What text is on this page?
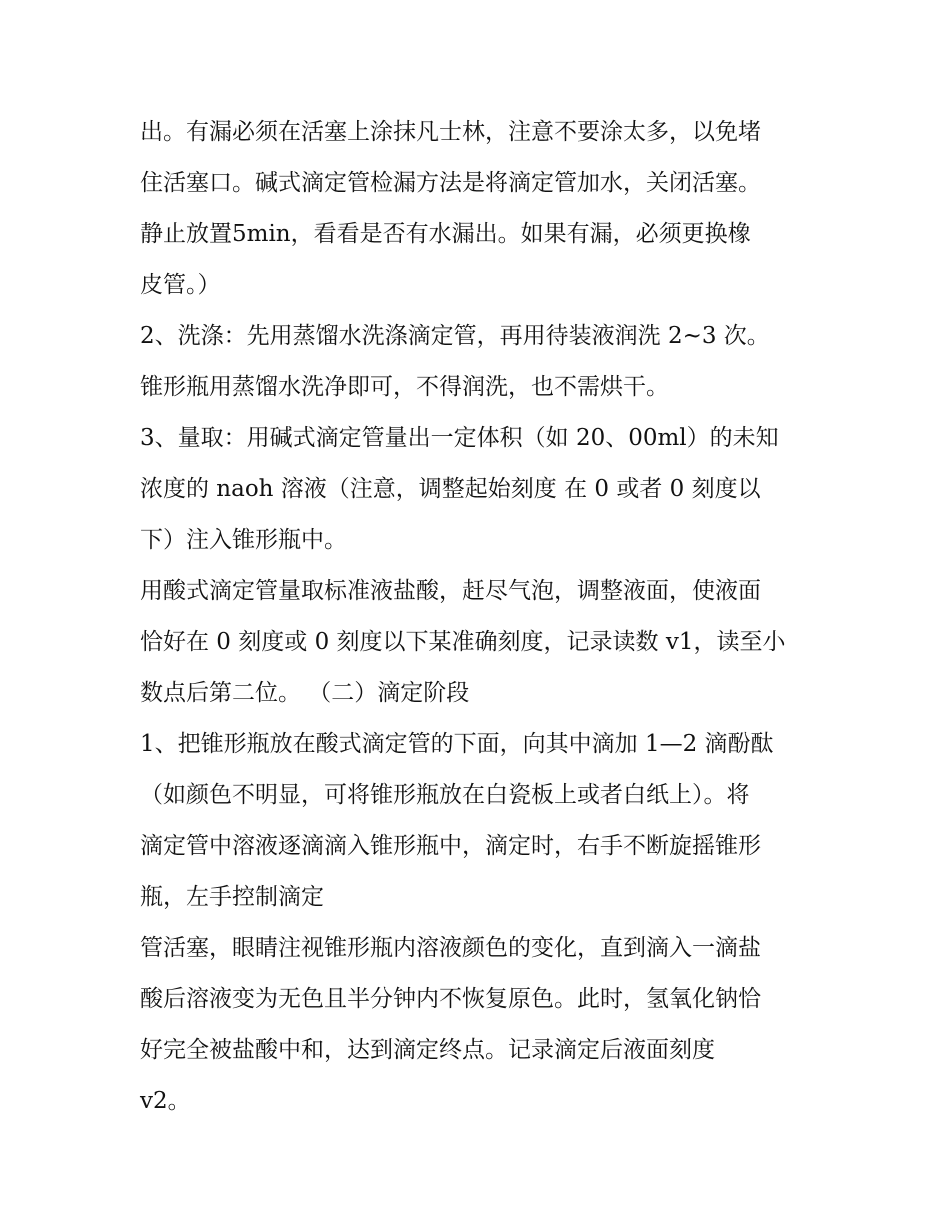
出。有漏必须在活塞上涂抹凡士林，注意不要涂太多，以免堵
住活塞口。碱式滴定管检漏方法是将滴定管加水，关闭活塞。
静止放置5min，看看是否有水漏出。如果有漏，必须更换橡
皮管。）
2、洗涤：先用蒸馏水洗涤滴定管，再用待装液润洗 2~3 次。
锥形瓶用蒸馏水洗净即可，不得润洗，也不需烘干。
3、量取：用碱式滴定管量出一定体积（如 20、00ml）的未知
浓度的 naoh 溶液（注意，调整起始刻度 在 0 或者 0 刻度以
下）注入锥形瓶中。
用酸式滴定管量取标准液盐酸，赶尽气泡，调整液面，使液面
恰好在 0 刻度或 0 刻度以下某准确刻度，记录读数 v1，读至小
数点后第二位。 （二）滴定阶段
1、把锥形瓶放在酸式滴定管的下面，向其中滴加 1—2 滴酚酞
（如颜色不明显，可将锥形瓶放在白瓷板上或者白纸上）。将
滴定管中溶液逐滴滴入锥形瓶中，滴定时，右手不断旋摇锥形
瓶，左手控制滴定
管活塞，眼睛注视锥形瓶内溶液颜色的变化，直到滴入一滴盐
酸后溶液变为无色且半分钟内不恢复原色。此时，氢氧化钠恰
好完全被盐酸中和，达到滴定终点。记录滴定后液面刻度
v2。
